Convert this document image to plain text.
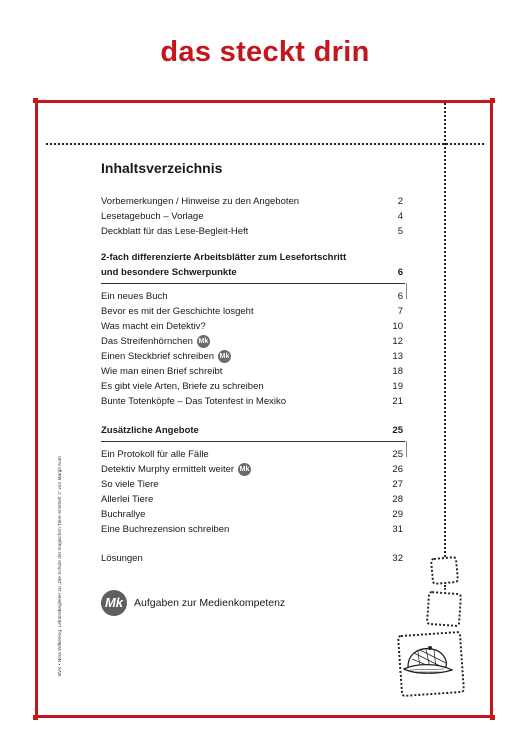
das steckt drin
BVK • Nina Wilkening: Lektürebegleiter zu „Die Schule der magischen Tiere ermittelt 1“ von Margit Auer
Inhaltsverzeichnis
Vorbemerkungen / Hinweise zu den Angeboten	2
Lesetagebuch – Vorlage	4
Deckblatt für das Lese-Begleit-Heft	5
2-fach differenzierte Arbeitsblätter zum Lesefortschritt
und besondere Schwerpunkte	6
Ein neues Buch	6
Bevor es mit der Geschichte losgeht	7
Was macht ein Detektiv?	10
Das Streifenhörnchen Mk	12
Einen Steckbrief schreiben Mk	13
Wie man einen Brief schreibt	18
Es gibt viele Arten, Briefe zu schreiben	19
Bunte Totenköpfe – Das Totenfest in Mexiko	21
Zusätzliche Angebote	25
Ein Protokoll für alle Fälle	25
Detektiv Murphy ermittelt weiter Mk	26
So viele Tiere	27
Allerlei Tiere	28
Buchrallye	29
Eine Buchrezension schreiben	31
Lösungen	32
Mk	Aufgaben zur Medienkompetenz
